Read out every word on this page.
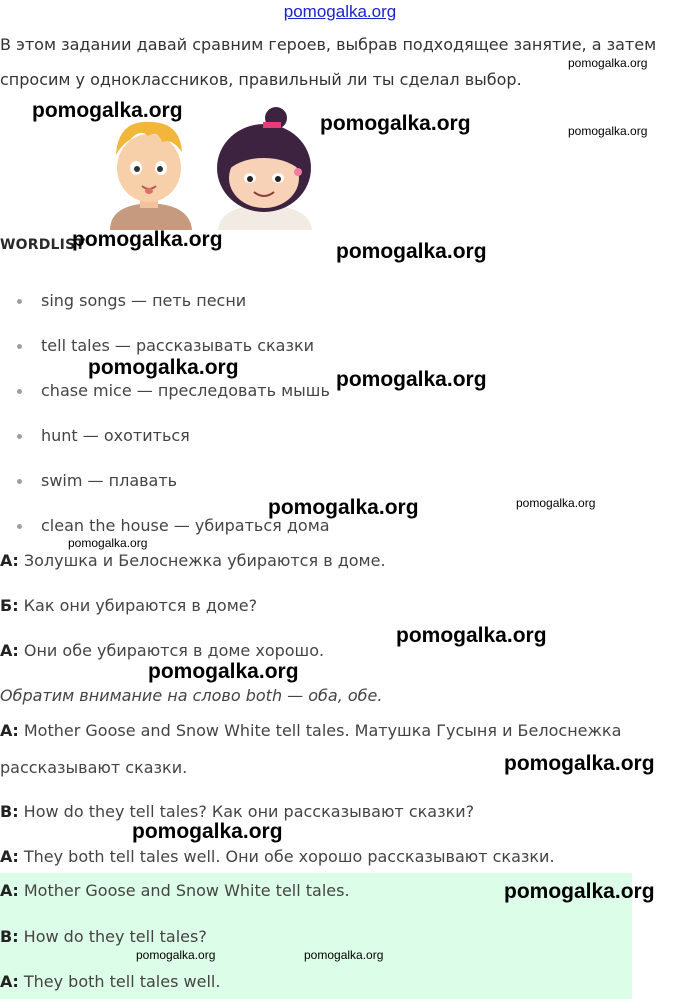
pomogalka.org
В этом задании давай сравним героев, выбрав подходящее занятие, а затем
спросим у одноклассников, правильный ли ты сделал выбор.
WORDLIST
sing songs — петь песни
tell tales — рассказывать сказки
chase mice — преследовать мышь
hunt — охотиться
swim — плавать
clean the house — убираться дома
А: Золушка и Белоснежка убираются в доме.
Б: Как они убираются в доме?
А: Они обе убираются в доме хорошо.
Обратим внимание на слово both — оба, обе.
А: Mother Goose and Snow White tell tales. Матушка Гусыня и Белоснежка
рассказывают сказки.
B: How do they tell tales? Как они рассказывают сказки?
А: They both tell tales well. Они обе хорошо рассказывают сказки.
А: Mother Goose and Snow White tell tales.
B: How do they tell tales?
А: They both tell tales well.
pomogalka.org
pomogalka.org
pomogalka.org
pomogalka.org
pomogalka.org
pomogalka.org
pomogalka.org
pomogalka.org
pomogalka.org	pomogalka.org
pomogalka.org
pomogalka.org
pomogalka.org
pomogalka.org
pomogalka.org
pomogalka.org
pomogalka.org	pomogalka.org
